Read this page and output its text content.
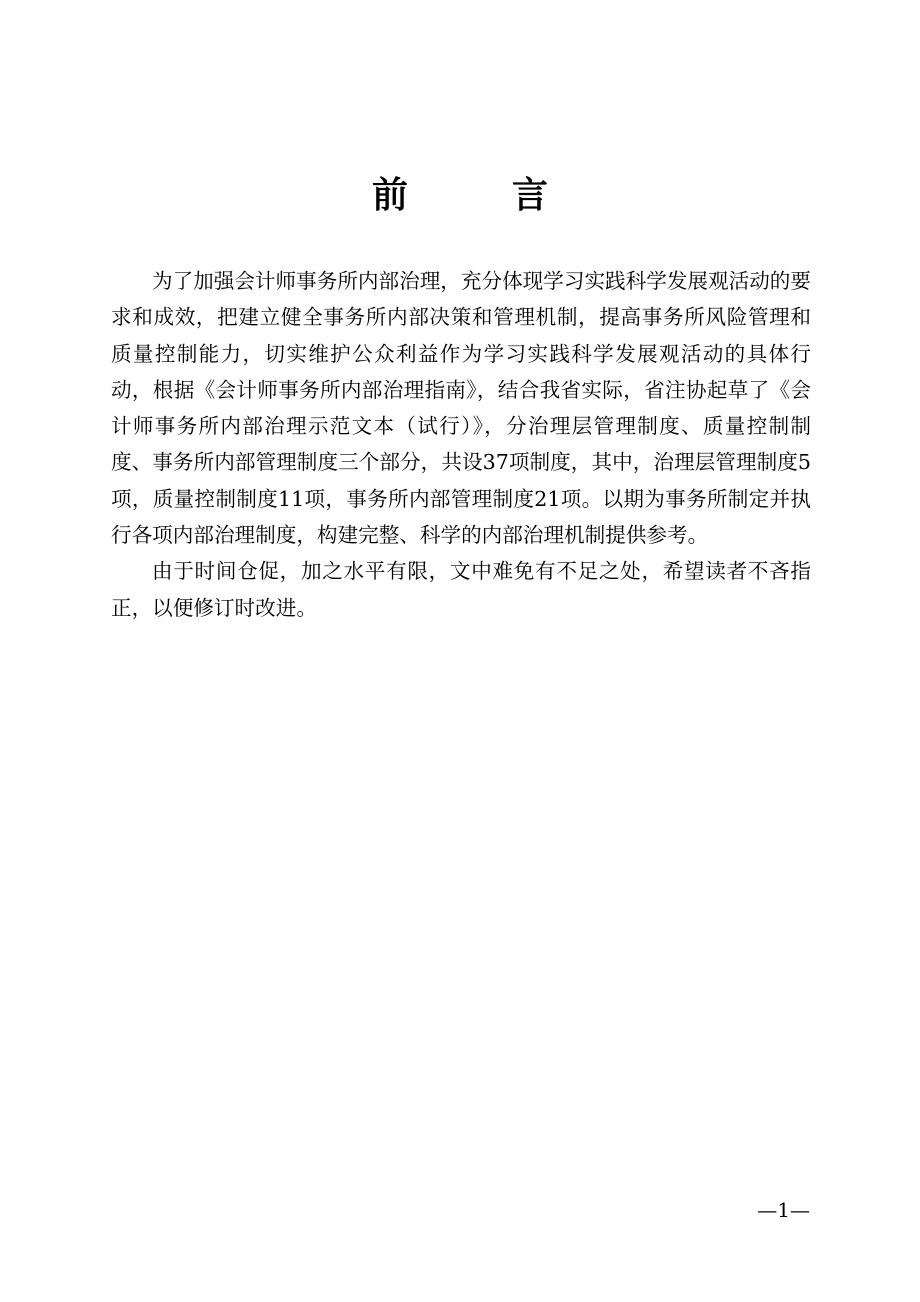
前　言

为了加强会计师事务所内部治理，充分体现学习实践科学发展观活动的要求和成效，把建立健全事务所内部决策和管理机制，提高事务所风险管理和质量控制能力，切实维护公众利益作为学习实践科学发展观活动的具体行动，根据《会计师事务所内部治理指南》，结合我省实际，省注协起草了《会计师事务所内部治理示范文本（试行）》，分治理层管理制度、质量控制制度、事务所内部管理制度三个部分，共设37项制度，其中，治理层管理制度5项，质量控制制度11项，事务所内部管理制度21项。以期为事务所制定并执行各项内部治理制度，构建完整、科学的内部治理机制提供参考。

由于时间仓促，加之水平有限，文中难免有不足之处，希望读者不吝指正，以便修订时改进。

—1—
